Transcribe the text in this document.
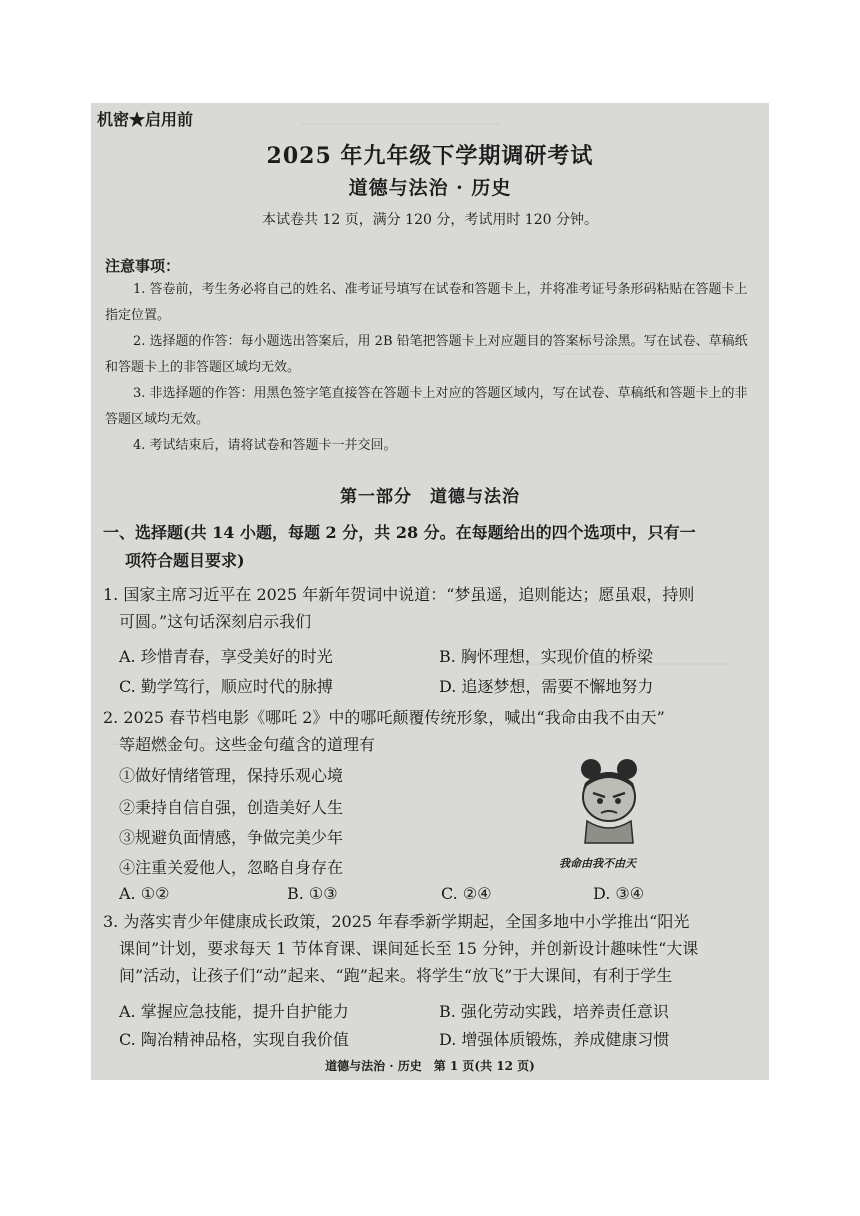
机密★启用前
2025 年九年级下学期调研考试
道德与法治 · 历史
本试卷共 12 页，满分 120 分，考试用时 120 分钟。
注意事项：

1. 答卷前，考生务必将自己的姓名、准考证号填写在试卷和答题卡上，并将准考证号条形码粘贴在答题卡上指定位置。

2. 选择题的作答：每小题选出答案后，用 2B 铅笔把答题卡上对应题目的答案标号涂黑。写在试卷、草稿纸和答题卡上的非答题区域均无效。

3. 非选择题的作答：用黑色签字笔直接答在答题卡上对应的答题区域内，写在试卷、草稿纸和答题卡上的非答题区域均无效。

4. 考试结束后，请将试卷和答题卡一并交回。

第一部分　道德与法治
一、选择题(共 14 小题，每题 2 分，共 28 分。在每题给出的四个选项中，只有一
项符合题目要求)

1. 国家主席习近平在 2025 年新年贺词中说道：“梦虽遥，追则能达；愿虽艰，持则

可圆。”这句话深刻启示我们

A. 珍惜青春，享受美好的时光	B. 胸怀理想，实现价值的桥梁
C. 勤学笃行，顺应时代的脉搏	D. 追逐梦想，需要不懈地努力

2. 2025 春节档电影《哪吒 2》中的哪吒颠覆传统形象，喊出“我命由我不由天”

等超燃金句。这些金句蕴含的道理有

①做好情绪管理，保持乐观心境
②秉持自信自强，创造美好人生
③规避负面情感，争做完美少年
④注重关爱他人，忽略自身存在	我命由我不由天
A. ①②	B. ①③	C. ②④	D. ③④

3. 为落实青少年健康成长政策，2025 年春季新学期起，全国多地中小学推出“阳光

课间”计划，要求每天 1 节体育课、课间延长至 15 分钟，并创新设计趣味性“大课

间”活动，让孩子们“动”起来、“跑”起来。将学生“放飞”于大课间，有利于学生

A. 掌握应急技能，提升自护能力	B. 强化劳动实践，培养责任意识
C. 陶冶精神品格，实现自我价值	D. 增强体质锻炼，养成健康习惯
道德与法治 · 历史　第 1 页(共 12 页)
